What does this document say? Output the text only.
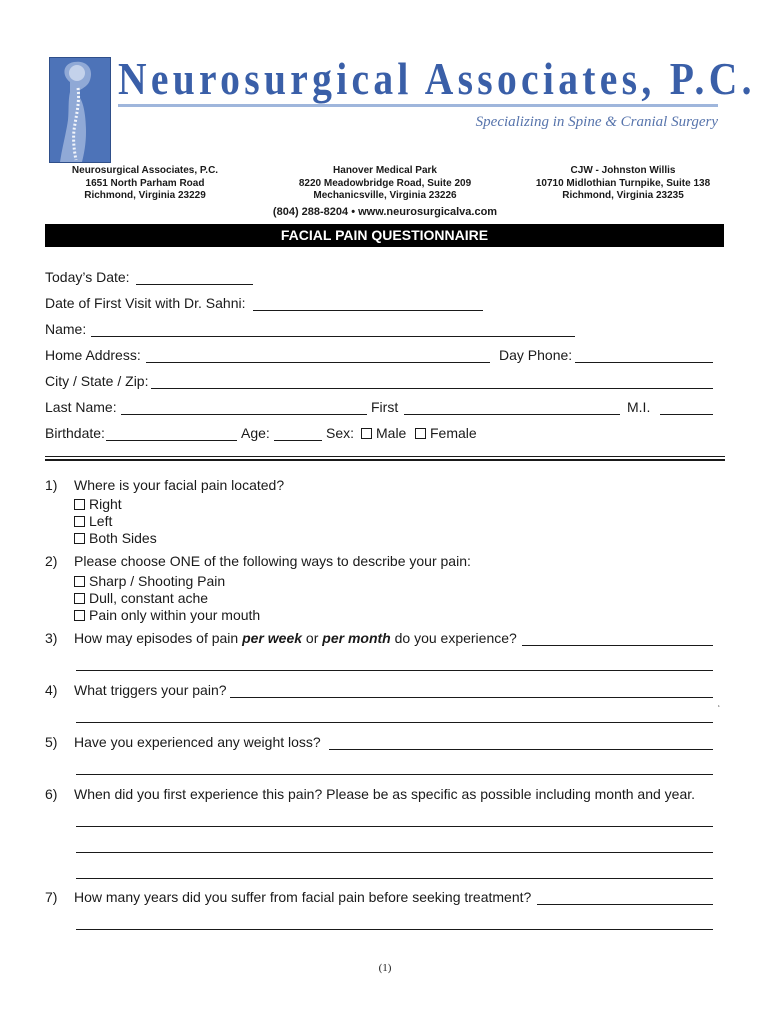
Neurosurgical Associates, P.C.
Specializing in Spine & Cranial Surgery
Neurosurgical Associates, P.C.
1651 North Parham Road
Richmond, Virginia 23229
Hanover Medical Park
8220 Meadowbridge Road, Suite 209
Mechanicsville, Virginia 23226
CJW - Johnston Willis
10710 Midlothian Turnpike, Suite 138
Richmond, Virginia 23235
(804) 288-8204 • www.neurosurgicalva.com
FACIAL PAIN QUESTIONNAIRE
Today’s Date:
Date of First Visit with Dr. Sahni:
Name:
Home Address:	Day Phone:
City / State / Zip:
Last Name:	First	M.I.
Birthdate:	Age:	Sex:	Male	Female
1) Where is your facial pain located?
Right
Left
Both Sides
2) Please choose ONE of the following ways to describe your pain:
Sharp / Shooting Pain
Dull, constant ache
Pain only within your mouth
3) How may episodes of pain per week or per month do you experience?
4) What triggers your pain?
‘
5) Have you experienced any weight loss?
6) When did you first experience this pain? Please be as specific as possible including month and year.
7) How many years did you suffer from facial pain before seeking treatment?
(1)
